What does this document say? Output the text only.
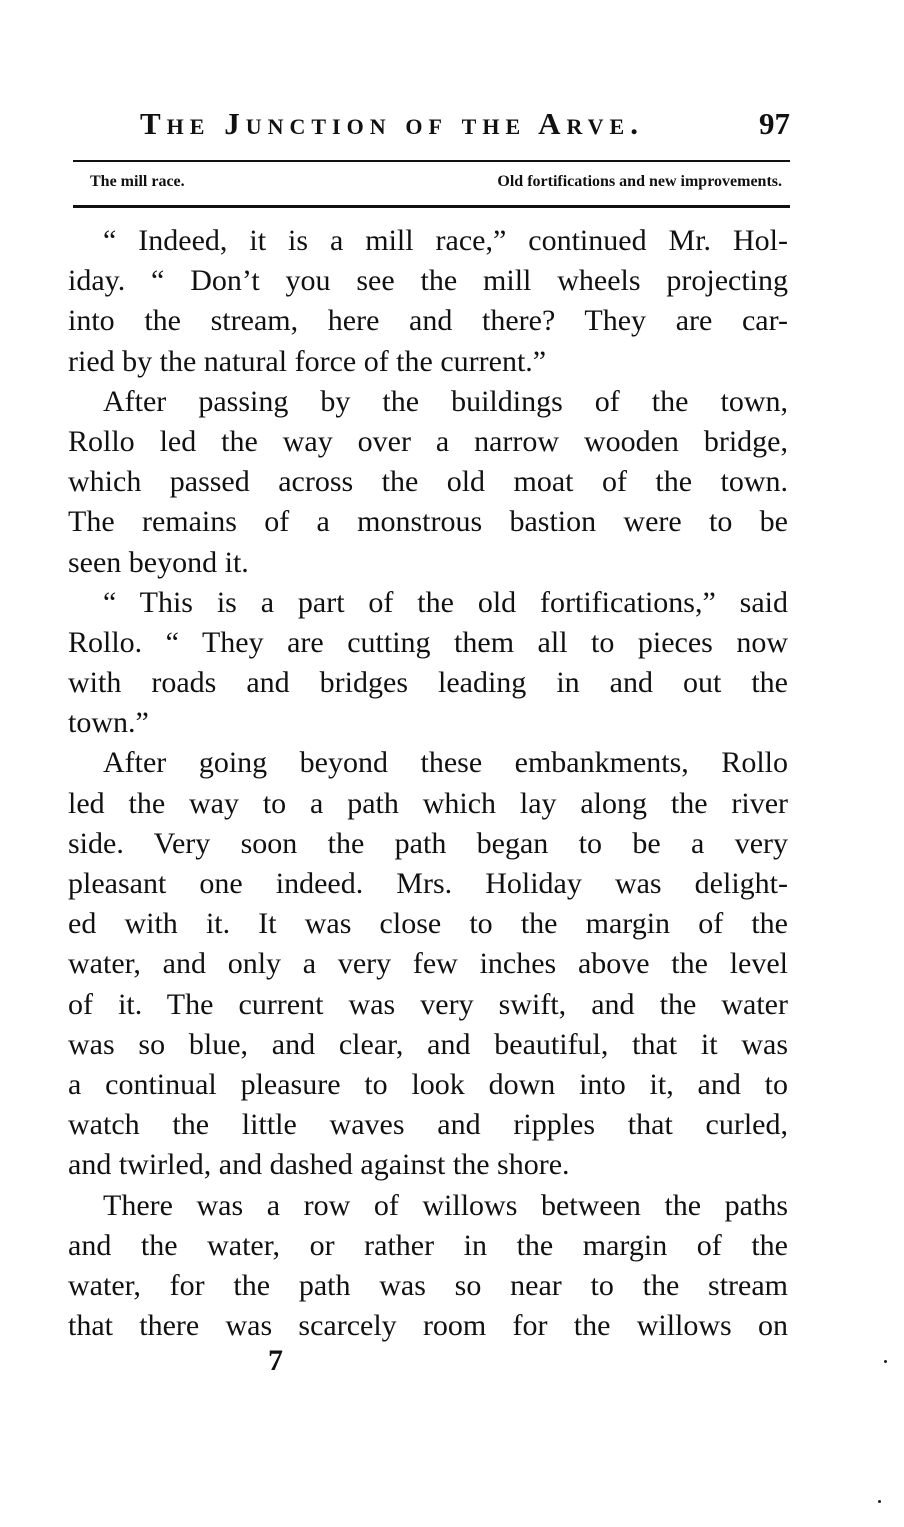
The Junction of the Arve.	97
The mill race.	Old fortifications and new improvements.
“ Indeed, it is a mill race,” continued Mr. Hol-
iday. “ Don’t you see the mill wheels projecting
into the stream, here and there? They are car-
ried by the natural force of the current.”
After passing by the buildings of the town,
Rollo led the way over a narrow wooden bridge,
which passed across the old moat of the town.
The remains of a monstrous bastion were to be
seen beyond it.
“ This is a part of the old fortifications,” said
Rollo. “ They are cutting them all to pieces now
with roads and bridges leading in and out the
town.”
After going beyond these embankments, Rollo
led the way to a path which lay along the river
side. Very soon the path began to be a very
pleasant one indeed. Mrs. Holiday was delight-
ed with it. It was close to the margin of the
water, and only a very few inches above the level
of it. The current was very swift, and the water
was so blue, and clear, and beautiful, that it was
a continual pleasure to look down into it, and to
watch the little waves and ripples that curled,
and twirled, and dashed against the shore.
There was a row of willows between the paths
and the water, or rather in the margin of the
water, for the path was so near to the stream
that there was scarcely room for the willows on
7
